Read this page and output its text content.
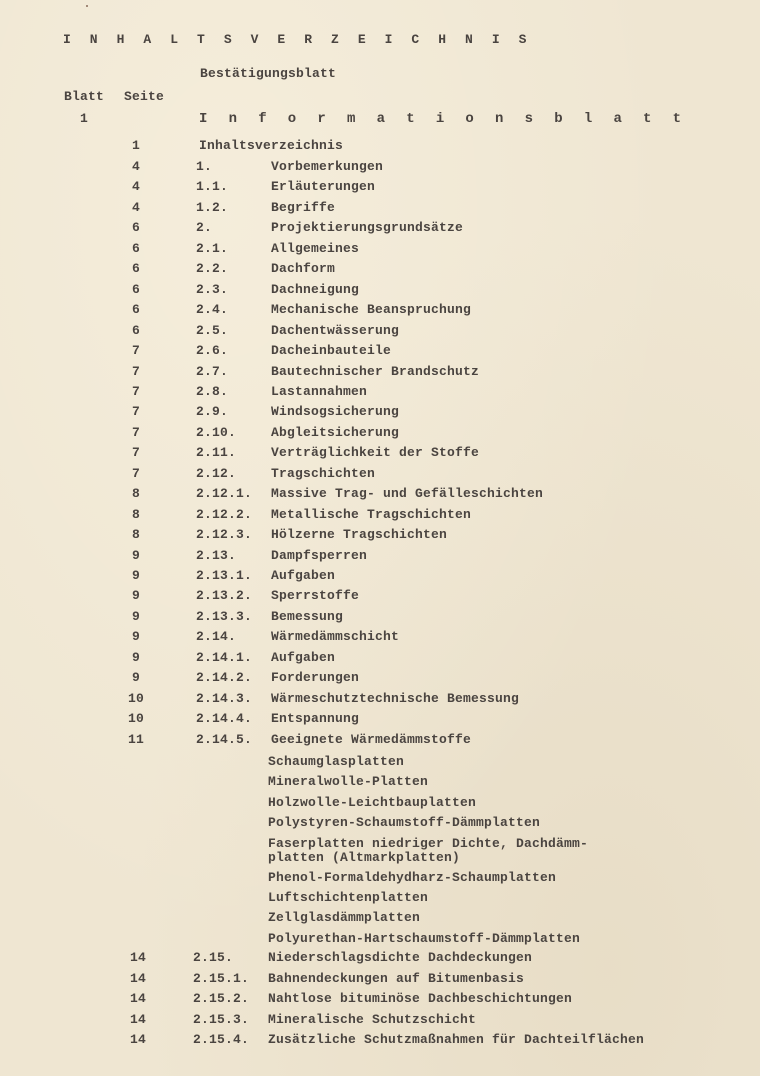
I N H A L T S V E R Z E I C H N I S
Bestätigungsblatt
Blatt Seite
1	I n f o r m a t i o n s b l a t t
1	Inhaltsverzeichnis
4	1.	Vorbemerkungen
4	1.1.	Erläuterungen
4	1.2.	Begriffe
6	2.	Projektierungsgrundsätze
6	2.1.	Allgemeines
6	2.2.	Dachform
6	2.3.	Dachneigung
6	2.4.	Mechanische Beanspruchung
6	2.5.	Dachentwässerung
7	2.6.	Dacheinbauteile
7	2.7.	Bautechnischer Brandschutz
7	2.8.	Lastannahmen
7	2.9.	Windsogsicherung
7	2.10.	Abgleitsicherung
7	2.11.	Verträglichkeit der Stoffe
7	2.12.	Tragschichten
8	2.12.1. Massive Trag- und Gefälleschichten
8	2.12.2. Metallische Tragschichten
8	2.12.3. Hölzerne Tragschichten
9	2.13.	Dampfsperren
9	2.13.1. Aufgaben
9	2.13.2. Sperrstoffe
9	2.13.3. Bemessung
9	2.14.	Wärmedämmschicht
9	2.14.1. Aufgaben
9	2.14.2. Forderungen
10	2.14.3. Wärmeschutztechnische Bemessung
10	2.14.4. Entspannung
11	2.14.5. Geeignete Wärmedämmstoffe
Schaumglasplatten
Mineralwolle-Platten
Holzwolle-Leichtbauplatten
Polystyren-Schaumstoff-Dämmplatten
Faserplatten niedriger Dichte, Dachdämm-
platten (Altmarkplatten)
Phenol-Formaldehydharz-Schaumplatten
Luftschichtenplatten
Zellglasdämmplatten
Polyurethan-Hartschaumstoff-Dämmplatten
14	2.15.	Niederschlagsdichte Dachdeckungen
14	2.15.1. Bahnendeckungen auf Bitumenbasis
14	2.15.2. Nahtlose bituminöse Dachbeschichtungen
14	2.15.3. Mineralische Schutzschicht
14	2.15.4. Zusätzliche Schutzmaßnahmen für Dachteilflächen
